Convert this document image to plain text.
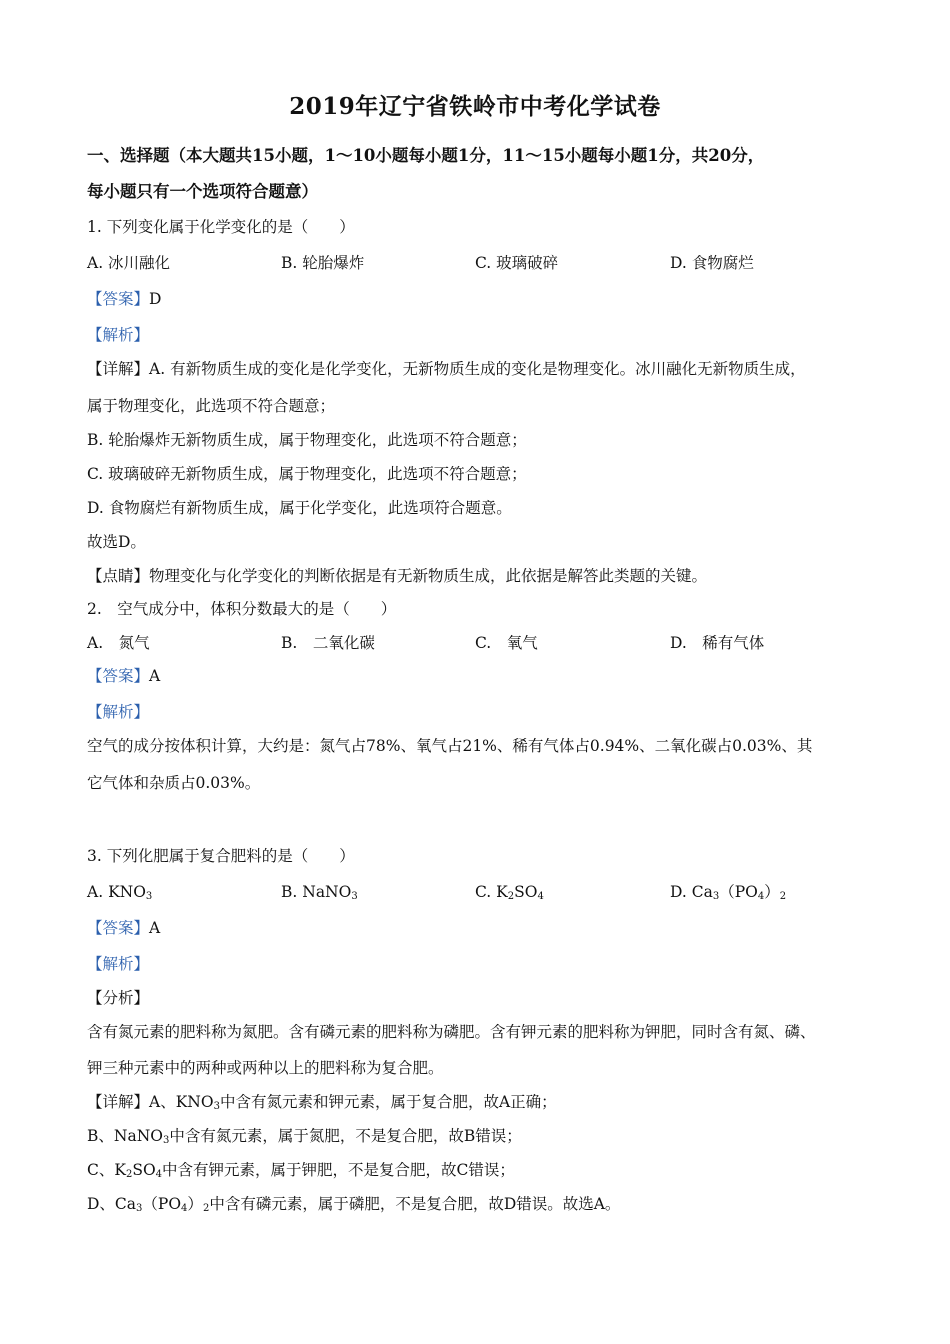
2019年辽宁省铁岭市中考化学试卷
一、选择题（本大题共15小题，1～10小题每小题1分，11～15小题每小题1分，共20分，
每小题只有一个选项符合题意）
1. 下列变化属于化学变化的是（　　）
A. 冰川融化	B. 轮胎爆炸	C. 玻璃破碎	D. 食物腐烂
【答案】D
【解析】
【详解】A. 有新物质生成的变化是化学变化，无新物质生成的变化是物理变化。冰川融化无新物质生成，
属于物理变化，此选项不符合题意；
B. 轮胎爆炸无新物质生成，属于物理变化，此选项不符合题意；
C. 玻璃破碎无新物质生成，属于物理变化，此选项不符合题意；
D. 食物腐烂有新物质生成，属于化学变化，此选项符合题意。
故选D。
【点睛】物理变化与化学变化的判断依据是有无新物质生成，此依据是解答此类题的关键。
2.　空气成分中，体积分数最大的是（　　）
A.　氮气	B.　二氧化碳	C.　氧气	D.　稀有气体
【答案】A
【解析】
空气的成分按体积计算，大约是：氮气占78%、氧气占21%、稀有气体占0.94%、二氧化碳占0.03%、其
它气体和杂质占0.03%。
3. 下列化肥属于复合肥料的是（　　）
A. $KNO_3$	B. NaNO$_3$	C. $K_2SO_4$	D. $Ca_3(PO_4)_2$
【答案】A
【解析】
【分析】
含有氮元素的肥料称为氮肥。含有磷元素的肥料称为磷肥。含有钾元素的肥料称为钾肥，同时含有氮、磷、
钾三种元素中的两种或两种以上的肥料称为复合肥。
【详解】A、$KNO_3$中含有氮元素和钾元素，属于复合肥，故A正确；
B、NaNO$_3$中含有氮元素，属于氮肥，不是复合肥，故B错误；
C、$K_2SO_4$中含有钾元素，属于钾肥，不是复合肥，故C错误；
D、$Ca_3(PO_4)_2$中含有磷元素，属于磷肥，不是复合肥，故D错误。故选A。
